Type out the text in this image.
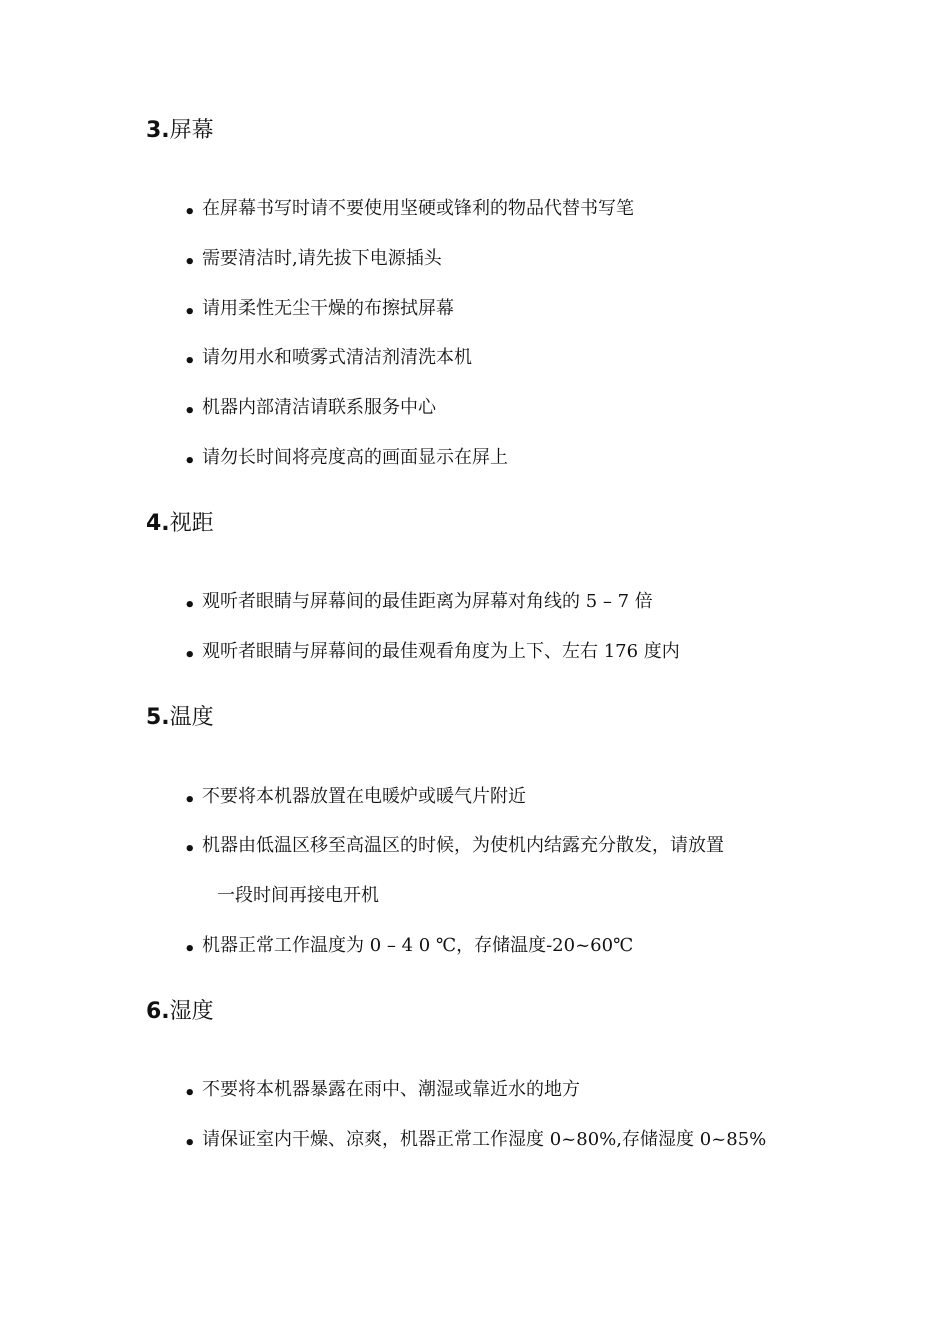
3.屏幕
• 在屏幕书写时请不要使用坚硬或锋利的物品代替书写笔
• 需要清洁时,请先拔下电源插头
• 请用柔性无尘干燥的布擦拭屏幕
• 请勿用水和喷雾式清洁剂清洗本机
• 机器内部清洁请联系服务中心
• 请勿长时间将亮度高的画面显示在屏上
4.视距
• 观听者眼睛与屏幕间的最佳距离为屏幕对角线的 5 – 7 倍
• 观听者眼睛与屏幕间的最佳观看角度为上下、左右 176 度内
5.温度
• 不要将本机器放置在电暖炉或暖气片附近
• 机器由低温区移至高温区的时候，为使机内结露充分散发，请放置
一段时间再接电开机
• 机器正常工作温度为 0 – 4 0 ℃，存储温度-20~60℃
6.湿度
• 不要将本机器暴露在雨中、潮湿或靠近水的地方
• 请保证室内干燥、凉爽，机器正常工作湿度 0~80%,存储湿度 0~85%
